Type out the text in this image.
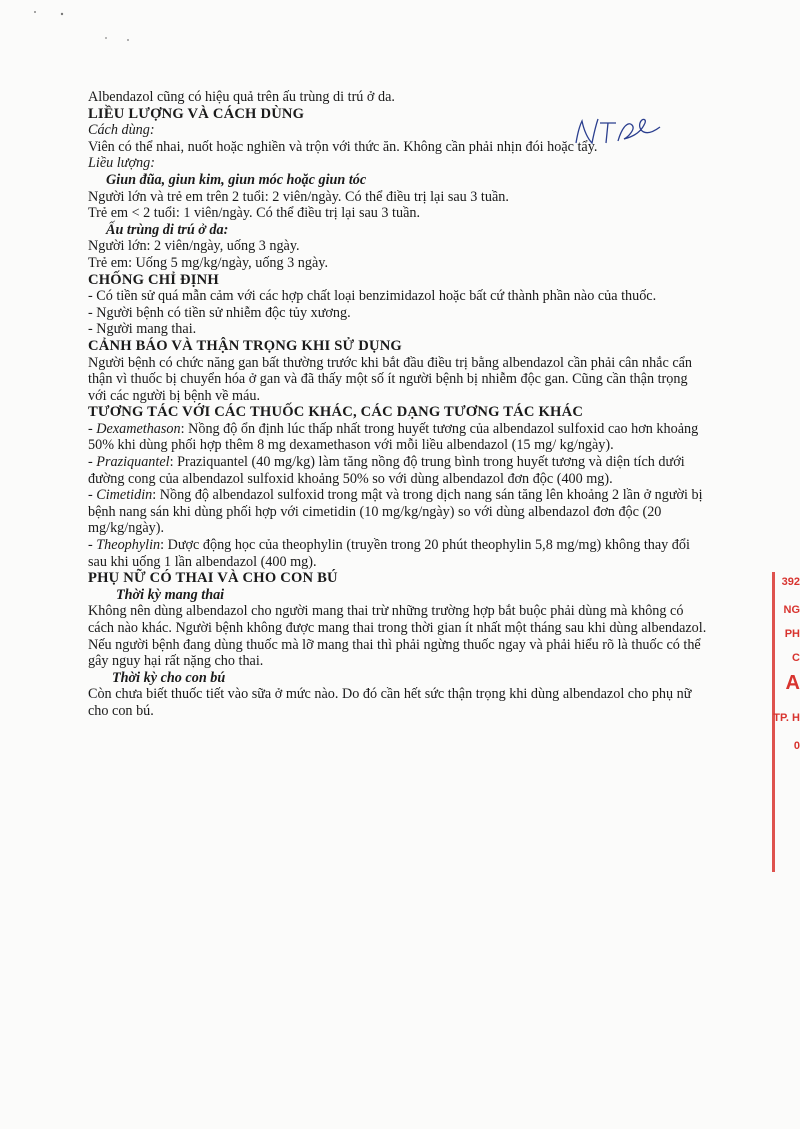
Albendazol cũng có hiệu quả trên ấu trùng di trú ở da.

LIỀU LƯỢNG VÀ CÁCH DÙNG

Cách dùng:

Viên có thể nhai, nuốt hoặc nghiền và trộn với thức ăn. Không cần phải nhịn đói hoặc tẩy.

Liều lượng:

Giun đũa, giun kim, giun móc hoặc giun tóc

Người lớn và trẻ em trên 2 tuổi: 2 viên/ngày. Có thể điều trị lại sau 3 tuần.

Trẻ em < 2 tuổi: 1 viên/ngày. Có thể điều trị lại sau 3 tuần.

Ấu trùng di trú ở da:

Người lớn: 2 viên/ngày, uống 3 ngày.

Trẻ em: Uống 5 mg/kg/ngày, uống 3 ngày.

CHỐNG CHỈ ĐỊNH

- Có tiền sử quá mẫn cảm với các hợp chất loại benzimidazol hoặc bất cứ thành phần nào của thuốc.

- Người bệnh có tiền sử nhiễm độc tủy xương.

- Người mang thai.

CẢNH BÁO VÀ THẬN TRỌNG KHI SỬ DỤNG

Người bệnh có chức năng gan bất thường trước khi bắt đầu điều trị bằng albendazol cần phải cân nhắc cẩn thận vì thuốc bị chuyển hóa ở gan và đã thấy một số ít người bệnh bị nhiễm độc gan. Cũng cần thận trọng với các người bị bệnh về máu.

TƯƠNG TÁC VỚI CÁC THUỐC KHÁC, CÁC DẠNG TƯƠNG TÁC KHÁC

- Dexamethason: Nồng độ ổn định lúc thấp nhất trong huyết tương của albendazol sulfoxid cao hơn khoảng 50% khi dùng phối hợp thêm 8 mg dexamethason với mỗi liều albendazol (15 mg/ kg/ngày).

- Praziquantel: Praziquantel (40 mg/kg) làm tăng nồng độ trung bình trong huyết tương và diện tích dưới đường cong của albendazol sulfoxid khoảng 50% so với dùng albendazol đơn độc (400 mg).

- Cimetidin: Nồng độ albendazol sulfoxid trong mật và trong dịch nang sán tăng lên khoảng 2 lần ở người bị bệnh nang sán khi dùng phối hợp với cimetidin (10 mg/kg/ngày) so với dùng albendazol đơn độc (20 mg/kg/ngày).

- Theophylin: Dược động học của theophylin (truyền trong 20 phút theophylin 5,8 mg/mg) không thay đổi sau khi uống 1 lần albendazol (400 mg).

PHỤ NỮ CÓ THAI VÀ CHO CON BÚ

Thời kỳ mang thai

Không nên dùng albendazol cho người mang thai trừ những trường hợp bắt buộc phải dùng mà không có cách nào khác. Người bệnh không được mang thai trong thời gian ít nhất một tháng sau khi dùng albendazol. Nếu người bệnh đang dùng thuốc mà lỡ mang thai thì phải ngừng thuốc ngay và phải hiểu rõ là thuốc có thể gây nguy hại rất nặng cho thai.

Thời kỳ cho con bú

Còn chưa biết thuốc tiết vào sữa ở mức nào. Do đó cần hết sức thận trọng khi dùng albendazol cho phụ nữ cho con bú.

392
NG
PH
C
A
TP. H
0
